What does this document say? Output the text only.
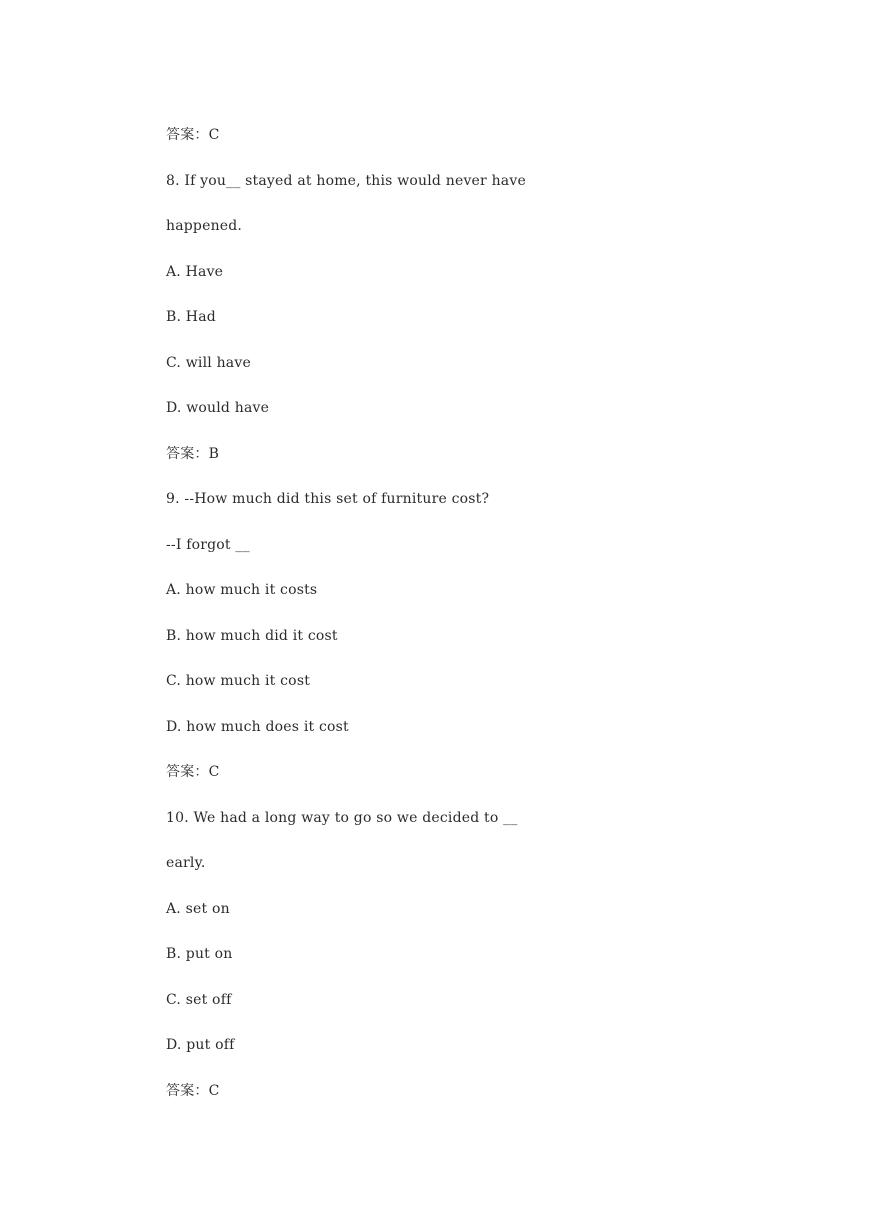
答案：C
8. If you__ stayed at home, this would never have
happened.
A. Have
B. Had
C. will have
D. would have
答案：B
9. --How much did this set of furniture cost?
--I forgot __
A. how much it costs
B. how much did it cost
C. how much it cost
D. how much does it cost
答案：C
10. We had a long way to go so we decided to __
early.
A. set on
B. put on
C. set off
D. put off
答案：C
